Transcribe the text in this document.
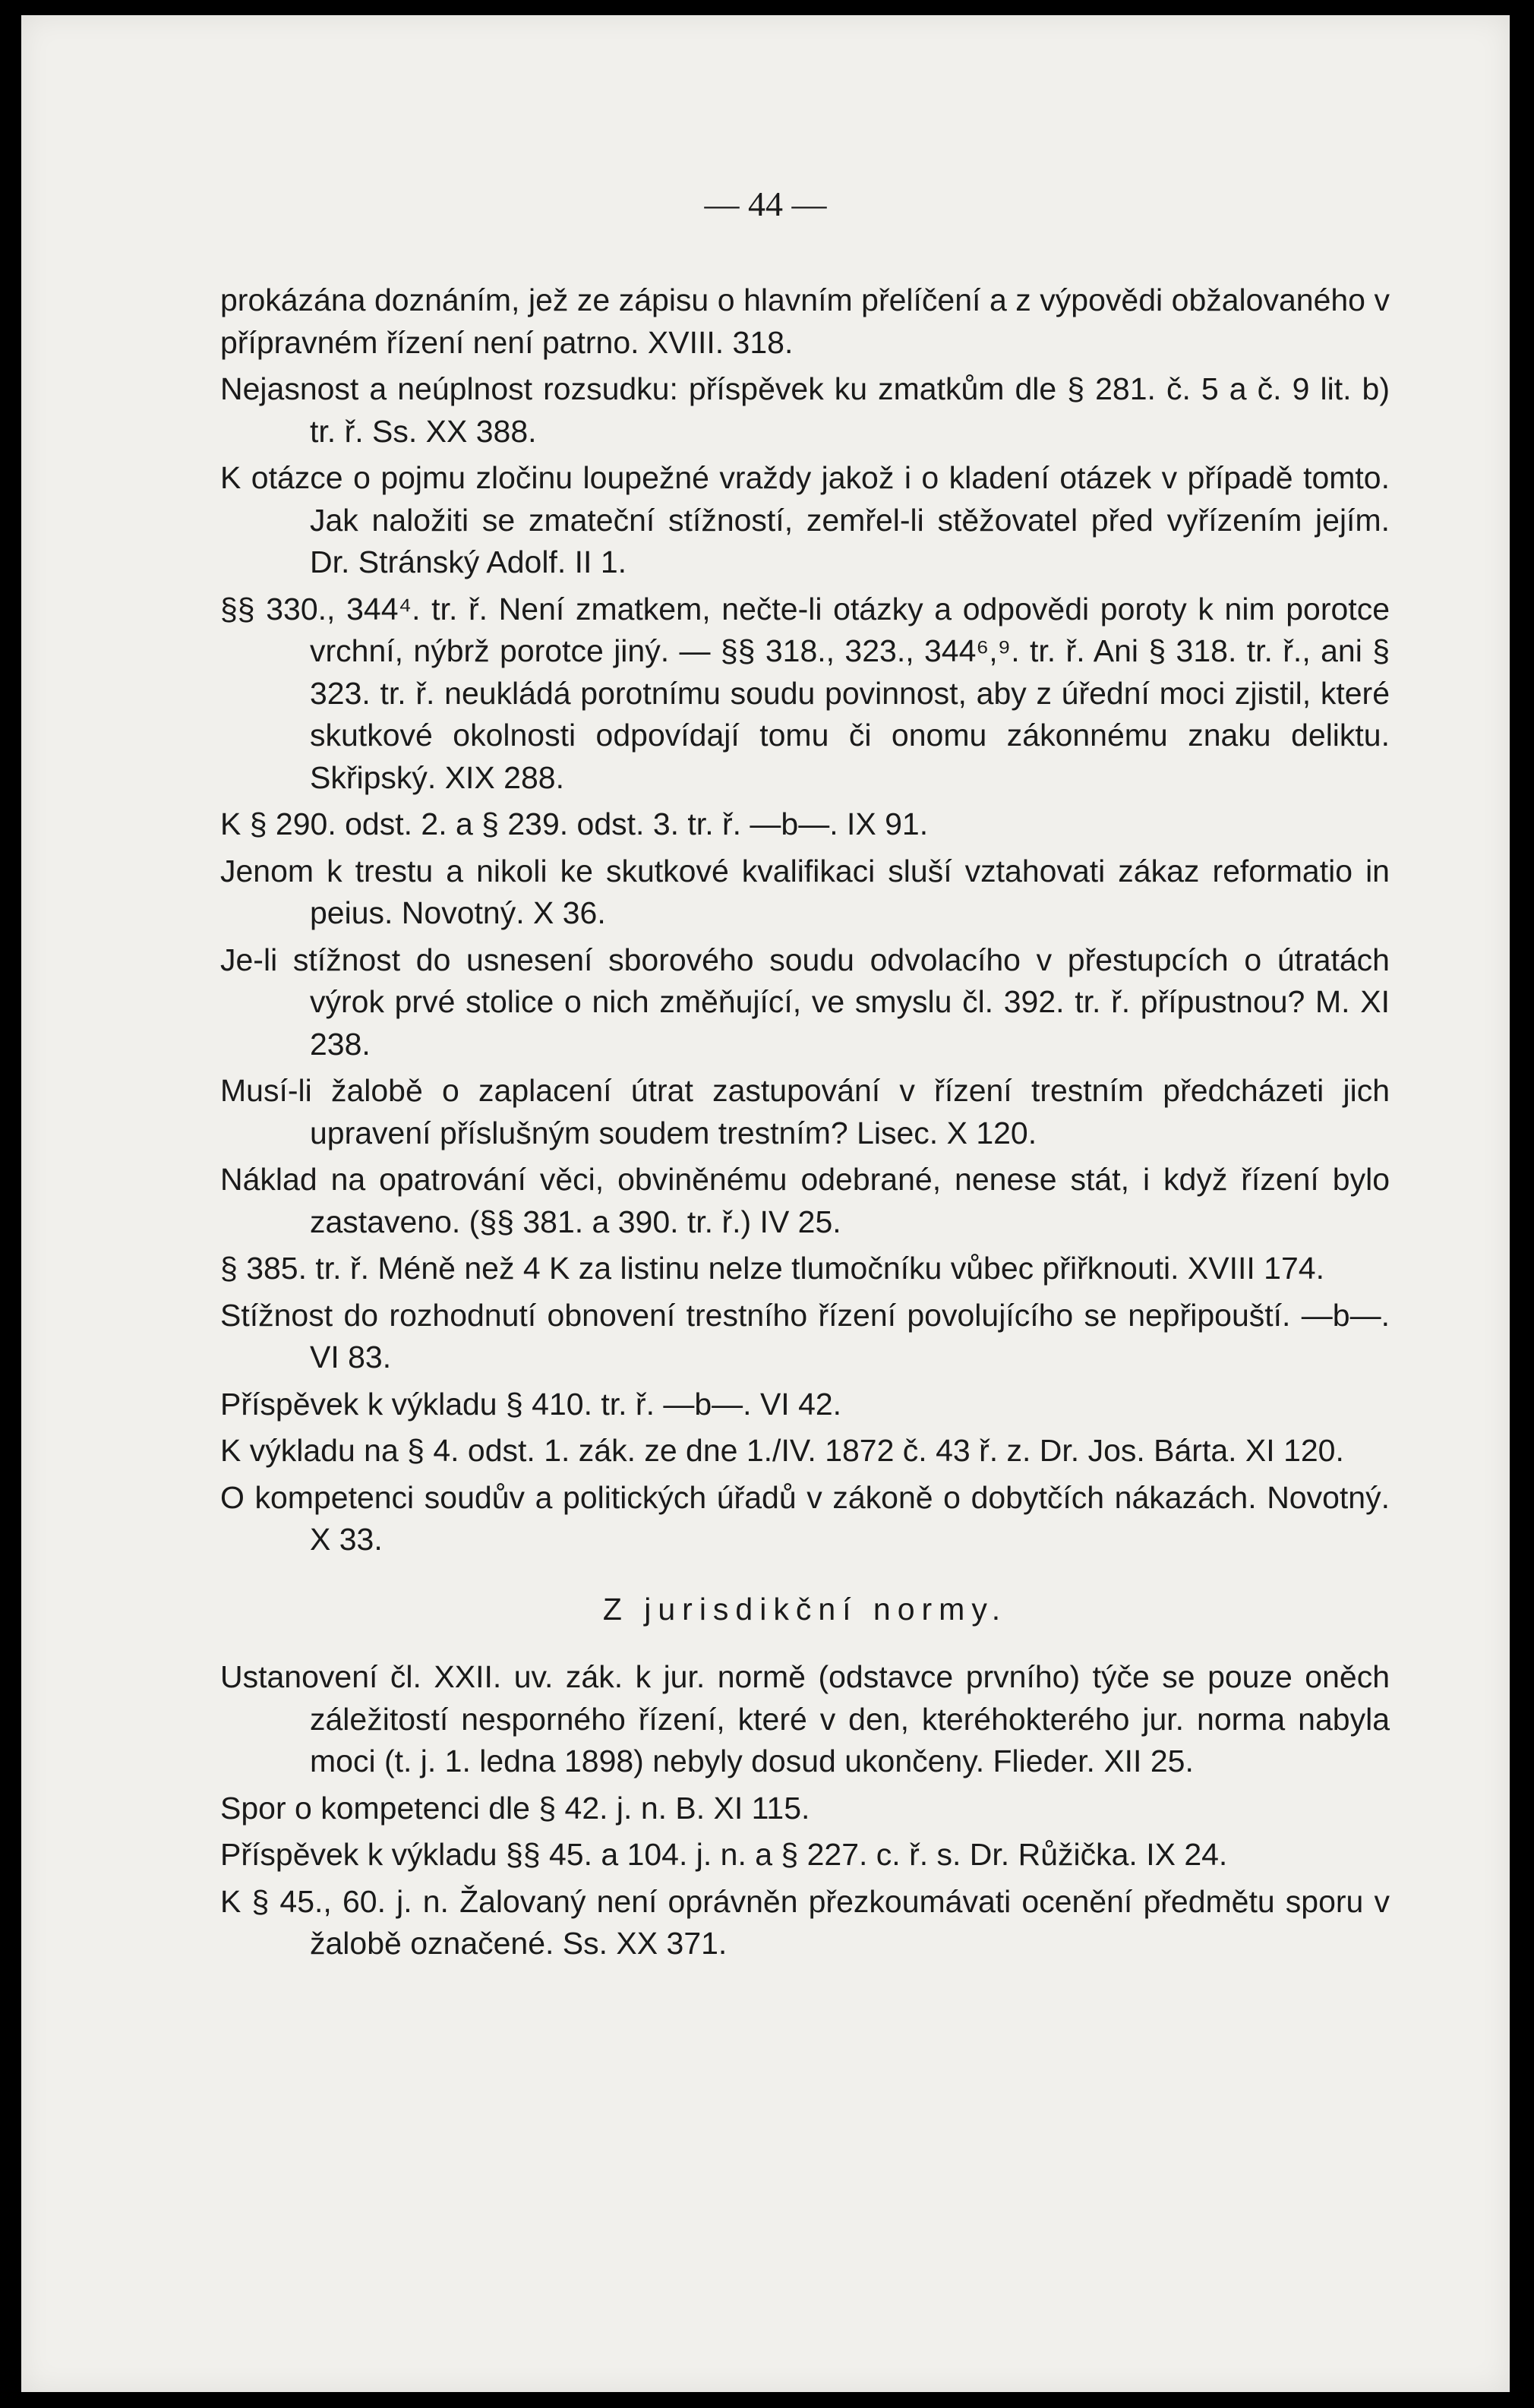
— 44 —
prokázána doznáním, jež ze zápisu o hlavním přelíčení a z výpovědi obžalovaného v přípravném řízení není patrno. XVIII. 318.
Nejasnost a neúplnost rozsudku: příspěvek ku zmatkům dle § 281. č. 5 a č. 9 lit. b) tr. ř. Ss. XX 388.
K otázce o pojmu zločinu loupežné vraždy jakož i o kladení otázek v případě tomto. Jak naložiti se zmateční stížností, zemřel-li stěžovatel před vyřízením jejím. Dr. Stránský Adolf. II 1.
§§ 330., 344⁴. tr. ř. Není zmatkem, nečte-li otázky a odpovědi poroty k nim porotce vrchní, nýbrž porotce jiný. — §§ 318., 323., 344⁶,⁹. tr. ř. Ani § 318. tr. ř., ani § 323. tr. ř. neukládá porotnímu soudu povinnost, aby z úřední moci zjistil, které skutkové okolnosti odpovídají tomu či onomu zákonnému znaku deliktu. Skřipský. XIX 288.
K § 290. odst. 2. a § 239. odst. 3. tr. ř. —b—. IX 91.
Jenom k trestu a nikoli ke skutkové kvalifikaci sluší vztahovati zákaz reformatio in peius. Novotný. X 36.
Je-li stížnost do usnesení sborového soudu odvolacího v přestupcích o útratách výrok prvé stolice o nich změňující, ve smyslu čl. 392. tr. ř. přípustnou? M. XI 238.
Musí-li žalobě o zaplacení útrat zastupování v řízení trestním předcházeti jich upravení příslušným soudem trestním? Lisec. X 120.
Náklad na opatrování věci, obviněnému odebrané, nenese stát, i když řízení bylo zastaveno. (§§ 381. a 390. tr. ř.) IV 25.
§ 385. tr. ř. Méně než 4 K za listinu nelze tlumočníku vůbec přiřknouti. XVIII 174.
Stížnost do rozhodnutí obnovení trestního řízení povolujícího se nepřipouští. —b—. VI 83.
Příspěvek k výkladu § 410. tr. ř. —b—. VI 42.
K výkladu na § 4. odst. 1. zák. ze dne 1./IV. 1872 č. 43 ř. z. Dr. Jos. Bárta. XI 120.
O kompetenci soudův a politických úřadů v zákoně o dobytčích nákazách. Novotný. X 33.
Z jurisdikční normy.
Ustanovení čl. XXII. uv. zák. k jur. normě (odstavce prvního) týče se pouze oněch záležitostí nesporného řízení, které v den, kteréhokterého jur. norma nabyla moci (t. j. 1. ledna 1898) nebyly dosud ukončeny. Flieder. XII 25.
Spor o kompetenci dle § 42. j. n. B. XI 115.
Příspěvek k výkladu §§ 45. a 104. j. n. a § 227. c. ř. s. Dr. Růžička. IX 24.
K § 45., 60. j. n. Žalovaný není oprávněn přezkoumávati ocenění předmětu sporu v žalobě označené. Ss. XX 371.
